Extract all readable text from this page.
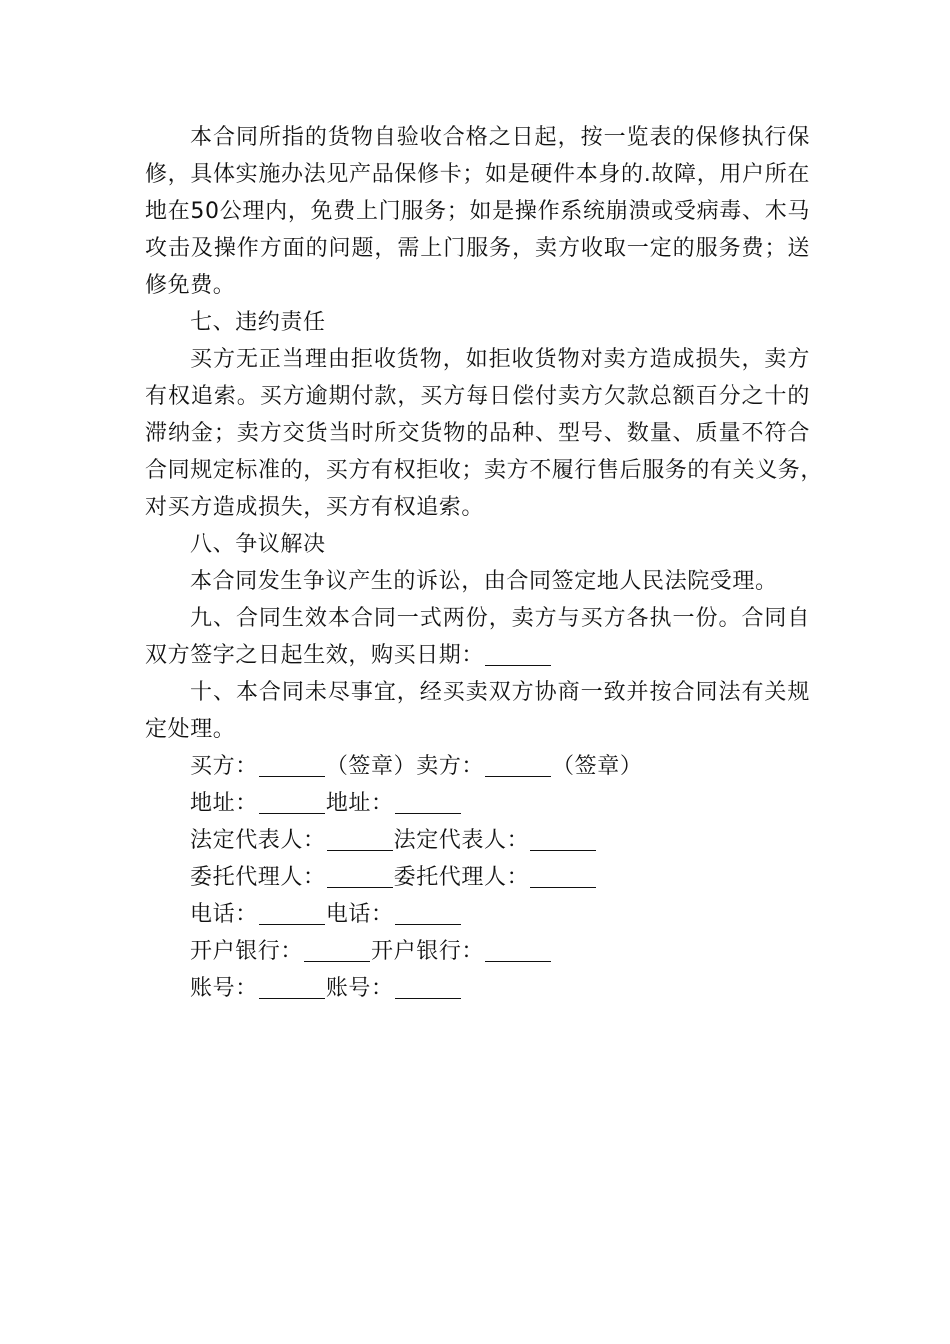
本合同所指的货物自验收合格之日起，按一览表的保修执行保
修，具体实施办法见产品保修卡；如是硬件本身的.故障，用户所在
地在50公理内，免费上门服务；如是操作系统崩溃或受病毒、木马
攻击及操作方面的问题，需上门服务，卖方收取一定的服务费；送
修免费。
七、违约责任
买方无正当理由拒收货物，如拒收货物对卖方造成损失，卖方
有权追索。买方逾期付款，买方每日偿付卖方欠款总额百分之十的
滞纳金；卖方交货当时所交货物的品种、型号、数量、质量不符合
合同规定标准的，买方有权拒收；卖方不履行售后服务的有关义务，
对买方造成损失，买方有权追索。
八、争议解决
本合同发生争议产生的诉讼，由合同签定地人民法院受理。
九、合同生效本合同一式两份，卖方与买方各执一份。合同自
双方签字之日起生效，购买日期：
十、本合同未尽事宜，经买卖双方协商一致并按合同法有关规
定处理。
买方：	（签章）卖方：	（签章）
地址：	地址：
法定代表人：	法定代表人：
委托代理人：	委托代理人：
电话：	电话：
开户银行：	开户银行：
账号：	账号：
